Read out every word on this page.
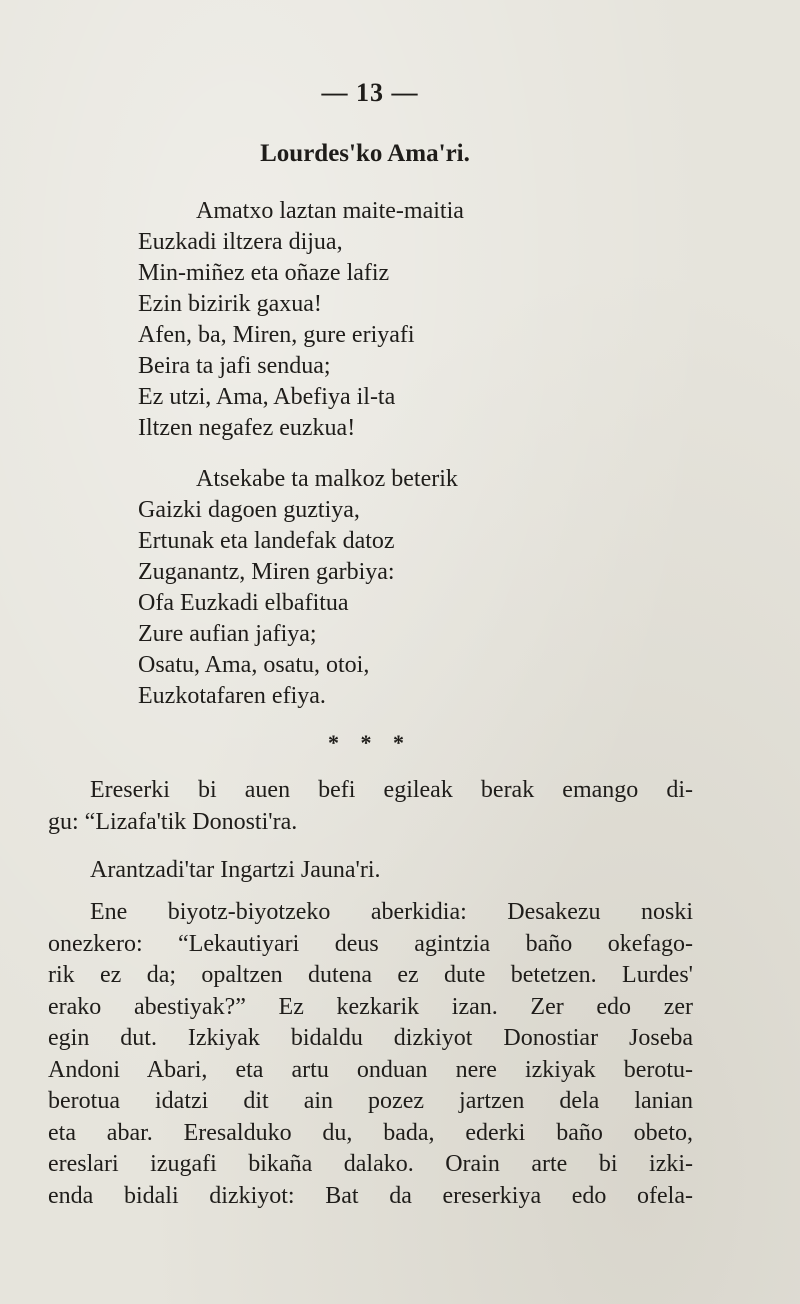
— 13 —
Lourdes'ko Ama'ri.
Amatxo laztan maite-maitia
Euzkadi iltzera dijua,
Min-miñez eta oñaze lafiz
Ezin bizirik gaxua!
Afen, ba, Miren, gure eriyafi
Beira ta jafi sendua;
Ez utzi, Ama, Abefiya il-ta
Iltzen negafez euzkua!
Atsekabe ta malkoz beterik
Gaizki dagoen guztiya,
Ertunak eta landefak datoz
Zuganantz, Miren garbiya:
Ofa Euzkadi elbafitua
Zure aufian jafiya;
Osatu, Ama, osatu, otoi,
Euzkotafaren efiya.
* * *
Ereserki bi auen befi egileak berak emango di-
gu: “Lizafa'tik Donosti'ra.
Arantzadi'tar Ingartzi Jauna'ri.
Ene biyotz-biyotzeko aberkidia: Desakezu noski
onezkero: “Lekautiyari deus agintzia baño okefago-
rik ez da; opaltzen dutena ez dute betetzen. Lurdes'
erako abestiyak?” Ez kezkarik izan. Zer edo zer
egin dut. Izkiyak bidaldu dizkiyot Donostiar Joseba
Andoni Abari, eta artu onduan nere izkiyak berotu-
berotua idatzi dit ain pozez jartzen dela lanian
eta abar. Eresalduko du, bada, ederki baño obeto,
ereslari izugafi bikaña dalako. Orain arte bi izki-
enda bidali dizkiyot: Bat da ereserkiya edo ofela-
